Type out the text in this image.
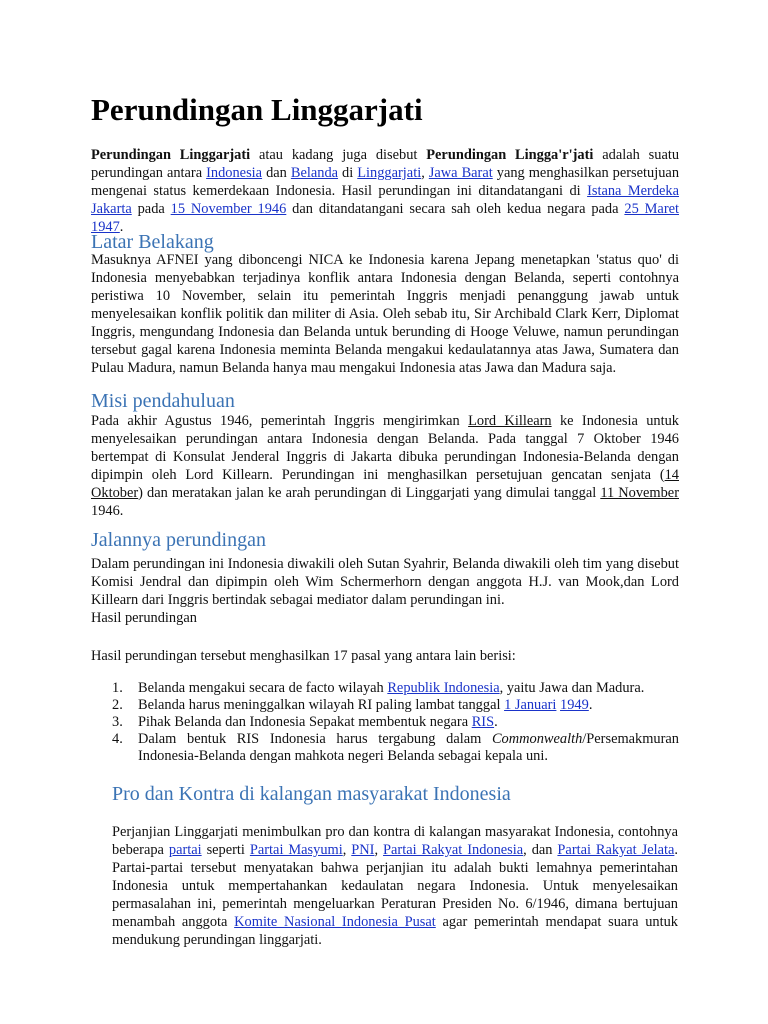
Perundingan Linggarjati

Perundingan Linggarjati atau kadang juga disebut Perundingan Lingga'r'jati adalah suatu perundingan antara Indonesia dan Belanda di Linggarjati, Jawa Barat yang menghasilkan persetujuan mengenai status kemerdekaan Indonesia. Hasil perundingan ini ditandatangani di Istana Merdeka Jakarta pada 15 November 1946 dan ditandatangani secara sah oleh kedua negara pada 25 Maret 1947.

Latar Belakang

Masuknya AFNEI yang diboncengi NICA ke Indonesia karena Jepang menetapkan 'status quo' di Indonesia menyebabkan terjadinya konflik antara Indonesia dengan Belanda, seperti contohnya peristiwa 10 November, selain itu pemerintah Inggris menjadi penanggung jawab untuk menyelesaikan konflik politik dan militer di Asia. Oleh sebab itu, Sir Archibald Clark Kerr, Diplomat Inggris, mengundang Indonesia dan Belanda untuk berunding di Hooge Veluwe, namun perundingan tersebut gagal karena Indonesia meminta Belanda mengakui kedaulatannya atas Jawa, Sumatera dan Pulau Madura, namun Belanda hanya mau mengakui Indonesia atas Jawa dan Madura saja.

Misi pendahuluan

Pada akhir Agustus 1946, pemerintah Inggris mengirimkan Lord Killearn ke Indonesia untuk menyelesaikan perundingan antara Indonesia dengan Belanda. Pada tanggal 7 Oktober 1946 bertempat di Konsulat Jenderal Inggris di Jakarta dibuka perundingan Indonesia-Belanda dengan dipimpin oleh Lord Killearn. Perundingan ini menghasilkan persetujuan gencatan senjata (14 Oktober) dan meratakan jalan ke arah perundingan di Linggarjati yang dimulai tanggal 11 November 1946.

Jalannya perundingan

Dalam perundingan ini Indonesia diwakili oleh Sutan Syahrir, Belanda diwakili oleh tim yang disebut Komisi Jendral dan dipimpin oleh Wim Schermerhorn dengan anggota H.J. van Mook,dan Lord Killearn dari Inggris bertindak sebagai mediator dalam perundingan ini.

Hasil perundingan

Hasil perundingan tersebut menghasilkan 17 pasal yang antara lain berisi:

1. Belanda mengakui secara de facto wilayah Republik Indonesia, yaitu Jawa dan Madura.
2. Belanda harus meninggalkan wilayah RI paling lambat tanggal 1 Januari 1949.
3. Pihak Belanda dan Indonesia Sepakat membentuk negara RIS.
4. Dalam bentuk RIS Indonesia harus tergabung dalam Commonwealth/Persemakmuran Indonesia-Belanda dengan mahkota negeri Belanda sebagai kepala uni.
Pro dan Kontra di kalangan masyarakat Indonesia

Perjanjian Linggarjati menimbulkan pro dan kontra di kalangan masyarakat Indonesia, contohnya beberapa partai seperti Partai Masyumi, PNI, Partai Rakyat Indonesia, dan Partai Rakyat Jelata. Partai-partai tersebut menyatakan bahwa perjanjian itu adalah bukti lemahnya pemerintahan Indonesia untuk mempertahankan kedaulatan negara Indonesia. Untuk menyelesaikan permasalahan ini, pemerintah mengeluarkan Peraturan Presiden No. 6/1946, dimana bertujuan menambah anggota Komite Nasional Indonesia Pusat agar pemerintah mendapat suara untuk mendukung perundingan linggarjati.
